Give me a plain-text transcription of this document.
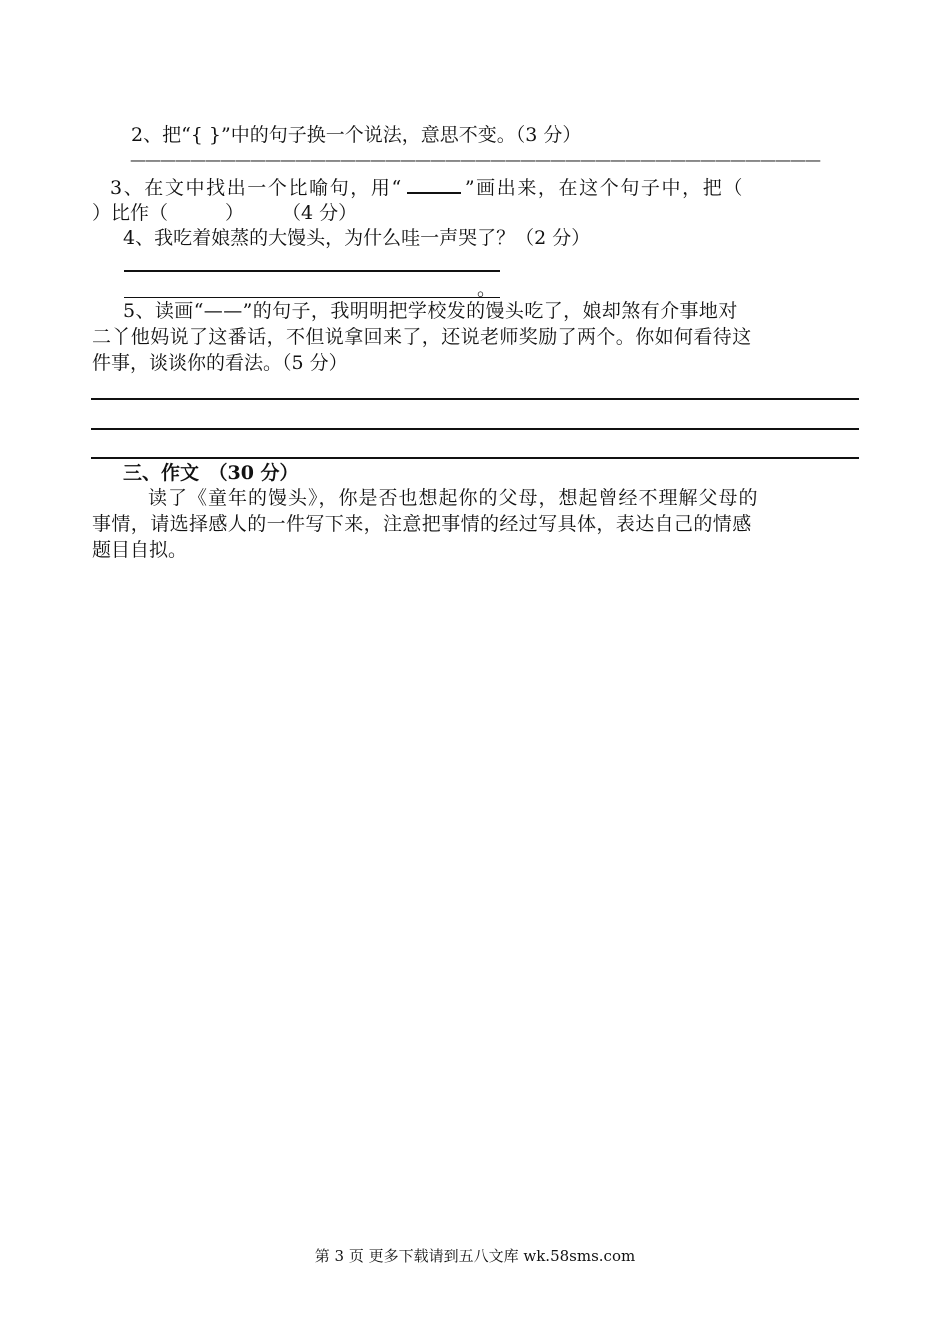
2、把“{ }”中的句子换一个说法，意思不变。（3 分）
——————————————————————————————————————————————
3、在文中找出一个比喻句，用“	”画出来，在这个句子中，把（
）比作（　　　）　　　（4 分）
4、我吃着娘蒸的大馒头，为什么哇一声哭了？（2 分）
。
5、读画“——”的句子，我明明把学校发的馒头吃了，娘却煞有介事地对
二丫他妈说了这番话，不但说拿回来了，还说老师奖励了两个。你如何看待这
件事，谈谈你的看法。（5 分）
三、作文　（30 分）
读了《童年的馒头》，你是否也想起你的父母，想起曾经不理解父母的
事情，请选择感人的一件写下来，注意把事情的经过写具体，表达自己的情感
题目自拟。
第 3 页 更多下载请到五八文库 wk.58sms.com
